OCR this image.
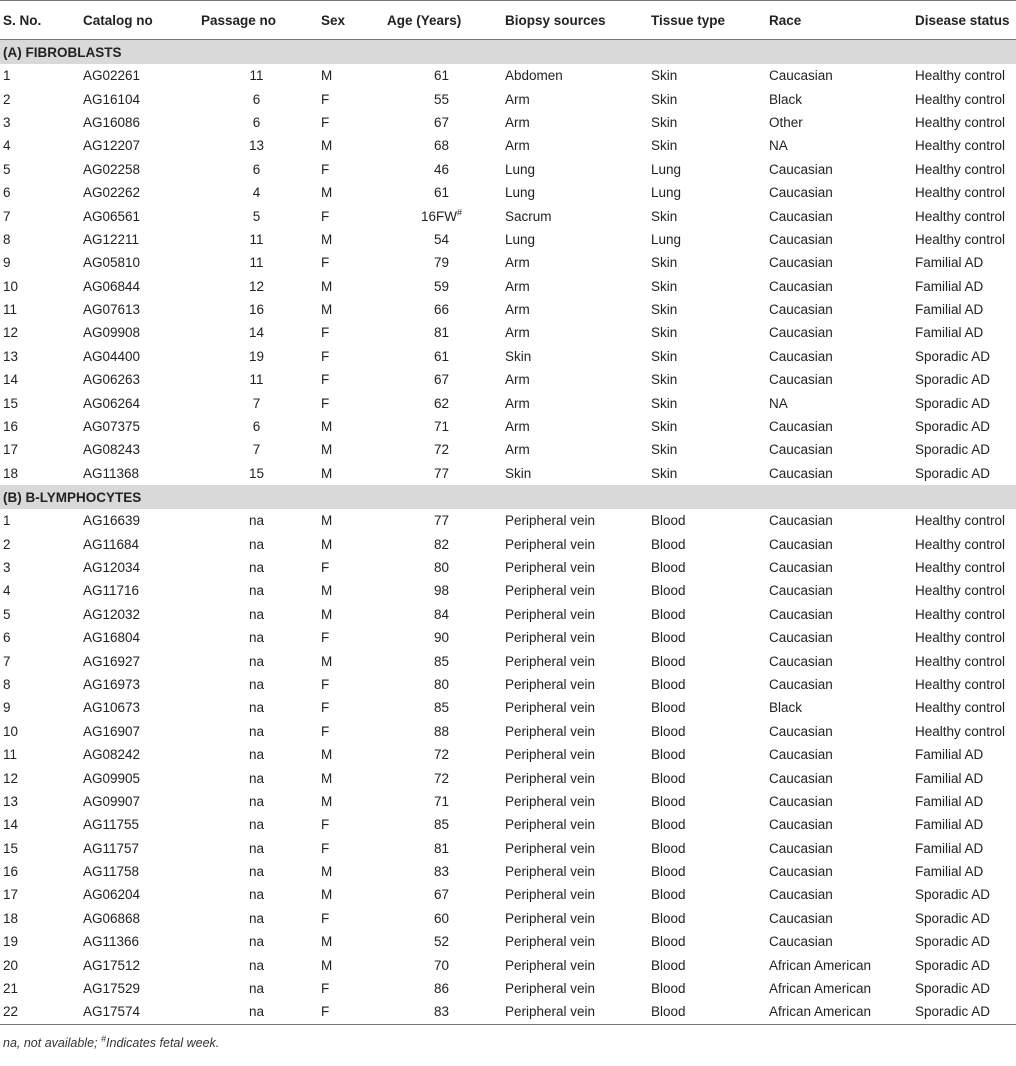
S. No.	Catalog no	Passage no	Sex	Age (Years)	Biopsy sources	Tissue type	Race	Disease status
(A) FIBROBLASTS								
1	AG02261	11	M	61	Abdomen	Skin	Caucasian	Healthy control
2	AG16104	6	F	55	Arm	Skin	Black	Healthy control
3	AG16086	6	F	67	Arm	Skin	Other	Healthy control
4	AG12207	13	M	68	Arm	Skin	NA	Healthy control
5	AG02258	6	F	46	Lung	Lung	Caucasian	Healthy control
6	AG02262	4	M	61	Lung	Lung	Caucasian	Healthy control
7	AG06561	5	F	16FW#	Sacrum	Skin	Caucasian	Healthy control
8	AG12211	11	M	54	Lung	Lung	Caucasian	Healthy control
9	AG05810	11	F	79	Arm	Skin	Caucasian	Familial AD
10	AG06844	12	M	59	Arm	Skin	Caucasian	Familial AD
11	AG07613	16	M	66	Arm	Skin	Caucasian	Familial AD
12	AG09908	14	F	81	Arm	Skin	Caucasian	Familial AD
13	AG04400	19	F	61	Skin	Skin	Caucasian	Sporadic AD
14	AG06263	11	F	67	Arm	Skin	Caucasian	Sporadic AD
15	AG06264	7	F	62	Arm	Skin	NA	Sporadic AD
16	AG07375	6	M	71	Arm	Skin	Caucasian	Sporadic AD
17	AG08243	7	M	72	Arm	Skin	Caucasian	Sporadic AD
18	AG11368	15	M	77	Skin	Skin	Caucasian	Sporadic AD
(B) B-LYMPHOCYTES								
1	AG16639	na	M	77	Peripheral vein	Blood	Caucasian	Healthy control
2	AG11684	na	M	82	Peripheral vein	Blood	Caucasian	Healthy control
3	AG12034	na	F	80	Peripheral vein	Blood	Caucasian	Healthy control
4	AG11716	na	M	98	Peripheral vein	Blood	Caucasian	Healthy control
5	AG12032	na	M	84	Peripheral vein	Blood	Caucasian	Healthy control
6	AG16804	na	F	90	Peripheral vein	Blood	Caucasian	Healthy control
7	AG16927	na	M	85	Peripheral vein	Blood	Caucasian	Healthy control
8	AG16973	na	F	80	Peripheral vein	Blood	Caucasian	Healthy control
9	AG10673	na	F	85	Peripheral vein	Blood	Black	Healthy control
10	AG16907	na	F	88	Peripheral vein	Blood	Caucasian	Healthy control
11	AG08242	na	M	72	Peripheral vein	Blood	Caucasian	Familial AD
12	AG09905	na	M	72	Peripheral vein	Blood	Caucasian	Familial AD
13	AG09907	na	M	71	Peripheral vein	Blood	Caucasian	Familial AD
14	AG11755	na	F	85	Peripheral vein	Blood	Caucasian	Familial AD
15	AG11757	na	F	81	Peripheral vein	Blood	Caucasian	Familial AD
16	AG11758	na	M	83	Peripheral vein	Blood	Caucasian	Familial AD
17	AG06204	na	M	67	Peripheral vein	Blood	Caucasian	Sporadic AD
18	AG06868	na	F	60	Peripheral vein	Blood	Caucasian	Sporadic AD
19	AG11366	na	M	52	Peripheral vein	Blood	Caucasian	Sporadic AD
20	AG17512	na	M	70	Peripheral vein	Blood	African American	Sporadic AD
21	AG17529	na	F	86	Peripheral vein	Blood	African American	Sporadic AD
22	AG17574	na	F	83	Peripheral vein	Blood	African American	Sporadic AD
na, not available; #Indicates fetal week.
